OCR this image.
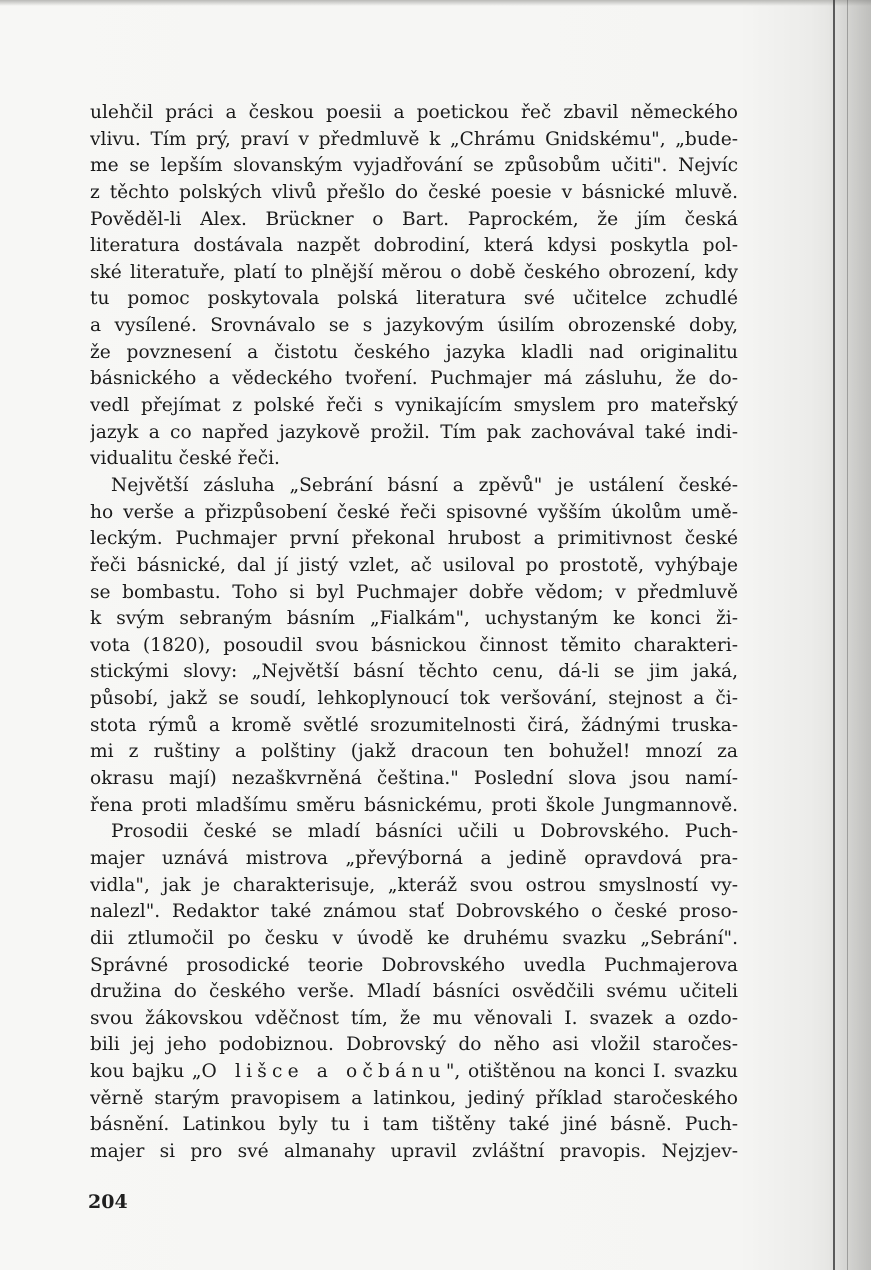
ulehčil práci a českou poesii a poetickou řeč zbavil německého
vlivu. Tím prý, praví v předmluvě k „Chrámu Gnidskému", „bude-
me se lepším slovanským vyjadřování se způsobům učiti". Nejvíc
z těchto polských vlivů přešlo do české poesie v básnické mluvě.
Pověděl-li Alex. Brückner o Bart. Paprockém, že jím česká
literatura dostávala nazpět dobrodiní, která kdysi poskytla pol-
ské literatuře, platí to plnější měrou o době českého obrození, kdy
tu pomoc poskytovala polská literatura své učitelce zchudlé
a vysílené. Srovnávalo se s jazykovým úsilím obrozenské doby,
že povznesení a čistotu českého jazyka kladli nad originalitu
básnického a vědeckého tvoření. Puchmajer má zásluhu, že do-
vedl přejímat z polské řeči s vynikajícím smyslem pro mateřský
jazyk a co napřed jazykově prožil. Tím pak zachovával také indi-
vidualitu české řeči.
Největší zásluha „Sebrání básní a zpěvů" je ustálení české-
ho verše a přizpůsobení české řeči spisovné vyšším úkolům umě-
leckým. Puchmajer první překonal hrubost a primitivnost české
řeči básnické, dal jí jistý vzlet, ač usiloval po prostotě, vyhýbaje
se bombastu. Toho si byl Puchmajer dobře vědom; v předmluvě
k svým sebraným básním „Fialkám", uchystaným ke konci ži-
vota (1820), posoudil svou básnickou činnost těmito charakteri-
stickými slovy: „Největší básní těchto cenu, dá-li se jim jaká,
působí, jakž se soudí, lehkoplynoucí tok veršování, stejnost a či-
stota rýmů a kromě světlé srozumitelnosti čirá, žádnými truska-
mi z ruštiny a polštiny (jakž dracoun ten bohužel! mnozí za
okrasu mají) nezaškvrněná čeština." Poslední slova jsou namí-
řena proti mladšímu směru básnickému, proti škole Jungmannově.
Prosodii české se mladí básníci učili u Dobrovského. Puch-
majer uznává mistrova „převýborná a jedině opravdová pra-
vidla", jak je charakterisuje, „kteráž svou ostrou smyslností vy-
nalezl". Redaktor také známou stať Dobrovského o české proso-
dii ztlumočil po česku v úvodě ke druhému svazku „Sebrání".
Správné prosodické teorie Dobrovského uvedla Puchmajerova
družina do českého verše. Mladí básníci osvědčili svému učiteli
svou žákovskou vděčnost tím, že mu věnovali I. svazek a ozdo-
bili jej jeho podobiznou. Dobrovský do něho asi vložil staročes-
kou bajku „O lišce a očbánu", otištěnou na konci I. svazku
věrně starým pravopisem a latinkou, jediný příklad staročeského
básnění. Latinkou byly tu i tam tištěny také jiné básně. Puch-
majer si pro své almanahy upravil zvláštní pravopis. Nejzjev-
204
